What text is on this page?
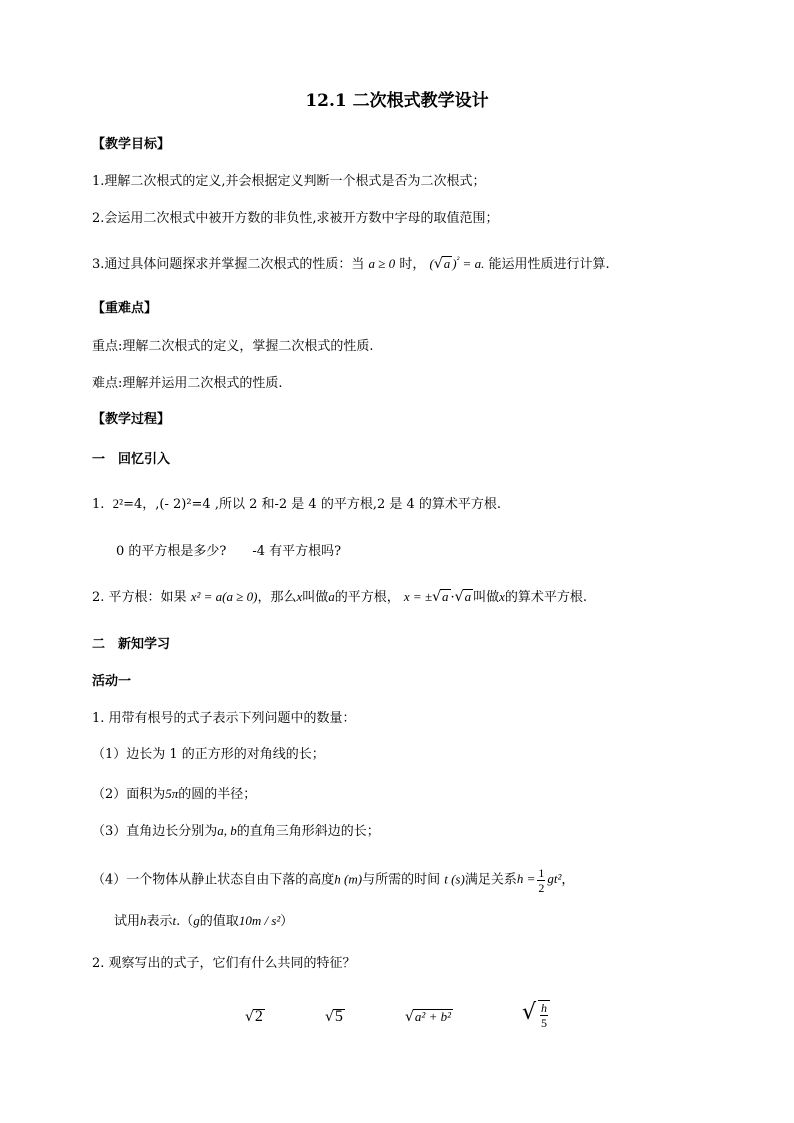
12.1 二次根式教学设计
【教学目标】
1.理解二次根式的定义,并会根据定义判断一个根式是否为二次根式；
2.会运用二次根式中被开方数的非负性,求被开方数中字母的取值范围；
3.通过具体问题探求并掌握二次根式的性质：当 a ≥ 0 时， (√a )$^{^2}$ = a. 能运用性质进行计算.
【重难点】
重点:理解二次根式的定义，掌握二次根式的性质.
难点:理解并运用二次根式的性质.
【教学过程】
一　回忆引入
1. 2²=4，,(- 2)²=4 ,所以 2 和-2 是 4 的平方根,2 是 4 的算术平方根.
0 的平方根是多少?　　-4 有平方根吗?
2. 平方根：如果 x² = a(a ≥ 0)，那么x叫做a的平方根， x = ±√a ·√a 叫做x的算术平方根.
二　新知学习
活动一
1. 用带有根号的式子表示下列问题中的数量：
（1）边长为 1 的正方形的对角线的长；
（2）面积为5π的圆的半径；
（3）直角边长分别为a, b的直角三角形斜边的长；
（4）一个物体从静止状态自由下落的高度h (m)与所需的时间 t (s)满足关系$h = \frac{1}{2} gt^2$，
试用h表示t.（g的值取10m / s²）
2. 观察写出的式子，它们有什么共同的特征？
√2	√5	√a² + b²	√ $\frac{h}{5}$
